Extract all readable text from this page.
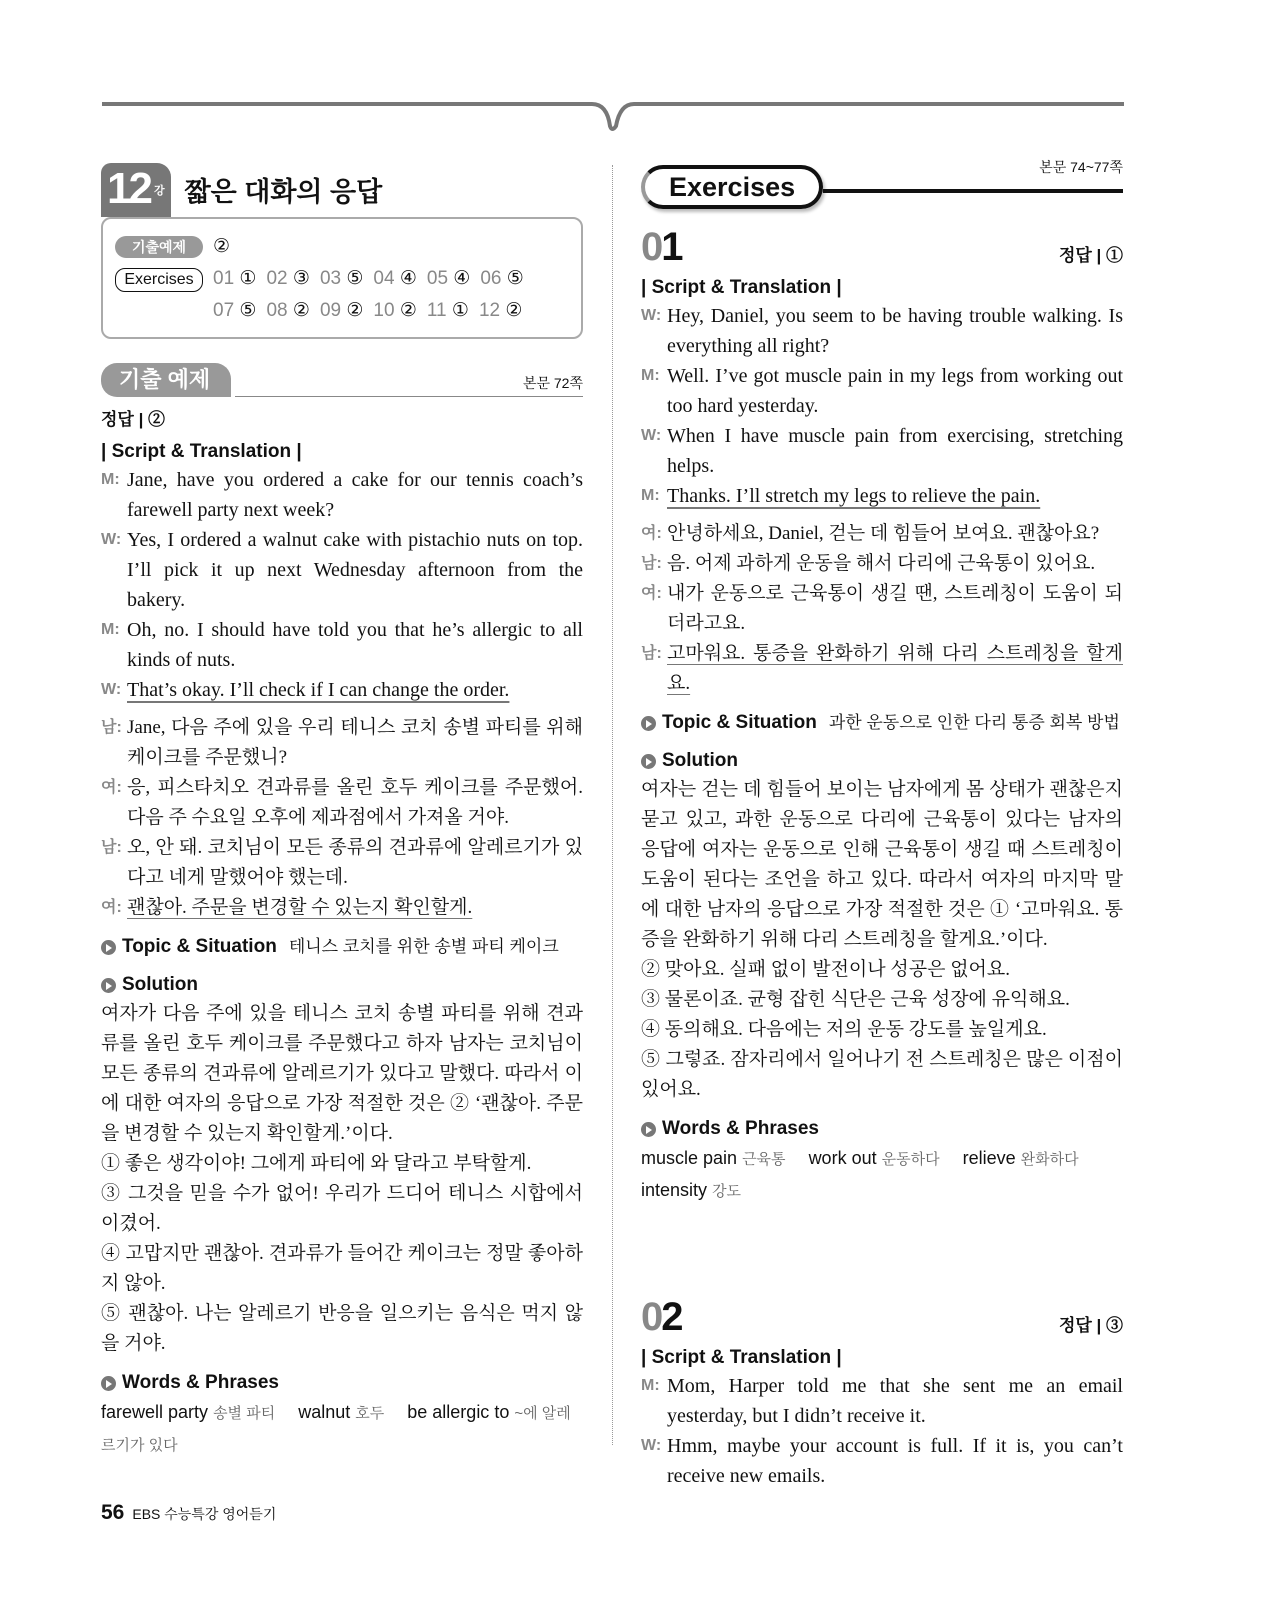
12 강 짧은 대화의 응답
기출예제	②
Exercises	01 ① 02 ③ 03 ⑤ 04 ④ 05 ④ 06 ⑤
07 ⑤ 08 ② 09 ② 10 ② 11 ① 12 ②
기출 예제	본문 72쪽
정답 | ②
| Script & Translation |
M: Jane, have you ordered a cake for our tennis coach’s farewell party next week?
W: Yes, I ordered a walnut cake with pistachio nuts on top. I’ll pick it up next Wednesday afternoon from the bakery.
M: Oh, no. I should have told you that he’s allergic to all kinds of nuts.
W: That’s okay. I’ll check if I can change the order.
남: Jane, 다음 주에 있을 우리 테니스 코치 송별 파티를 위해 케이크를 주문했니?
여: 응, 피스타치오 견과류를 올린 호두 케이크를 주문했어. 다음 주 수요일 오후에 제과점에서 가져올 거야.
남: 오, 안 돼. 코치님이 모든 종류의 견과류에 알레르기가 있다고 네게 말했어야 했는데.
여: 괜찮아. 주문을 변경할 수 있는지 확인할게.
Topic & Situation 테니스 코치를 위한 송별 파티 케이크
Solution
여자가 다음 주에 있을 테니스 코치 송별 파티를 위해 견과류를 올린 호두 케이크를 주문했다고 하자 남자는 코치님이 모든 종류의 견과류에 알레르기가 있다고 말했다. 따라서 이에 대한 여자의 응답으로 가장 적절한 것은 ② ‘괜찮아. 주문을 변경할 수 있는지 확인할게.’이다.
① 좋은 생각이야! 그에게 파티에 와 달라고 부탁할게.
③ 그것을 믿을 수가 없어! 우리가 드디어 테니스 시합에서 이겼어.
④ 고맙지만 괜찮아. 견과류가 들어간 케이크는 정말 좋아하지 않아.
⑤ 괜찮아. 나는 알레르기 반응을 일으키는 음식은 먹지 않을 거야.
Words & Phrases
farewell party 송별 파티 walnut 호두 be allergic to ~에 알레르기가 있다
56 EBS 수능특강 영어듣기
Exercises
본문 74~77쪽
01	정답 | ①
| Script & Translation |
W: Hey, Daniel, you seem to be having trouble walking. Is everything all right?
M: Well. I’ve got muscle pain in my legs from working out too hard yesterday.
W: When I have muscle pain from exercising, stretching helps.
M: Thanks. I’ll stretch my legs to relieve the pain.
여: 안녕하세요, Daniel, 걷는 데 힘들어 보여요. 괜찮아요?
남: 음. 어제 과하게 운동을 해서 다리에 근육통이 있어요.
여: 내가 운동으로 근육통이 생길 땐, 스트레칭이 도움이 되더라고요.
남: 고마워요. 통증을 완화하기 위해 다리 스트레칭을 할게요.
Topic & Situation 과한 운동으로 인한 다리 통증 회복 방법
Solution
여자는 걷는 데 힘들어 보이는 남자에게 몸 상태가 괜찮은지 묻고 있고, 과한 운동으로 다리에 근육통이 있다는 남자의 응답에 여자는 운동으로 인해 근육통이 생길 때 스트레칭이 도움이 된다는 조언을 하고 있다. 따라서 여자의 마지막 말에 대한 남자의 응답으로 가장 적절한 것은 ① ‘고마워요. 통증을 완화하기 위해 다리 스트레칭을 할게요.’이다.
② 맞아요. 실패 없이 발전이나 성공은 없어요.
③ 물론이죠. 균형 잡힌 식단은 근육 성장에 유익해요.
④ 동의해요. 다음에는 저의 운동 강도를 높일게요.
⑤ 그렇죠. 잠자리에서 일어나기 전 스트레칭은 많은 이점이 있어요.
Words & Phrases
muscle pain 근육통 work out 운동하다 relieve 완화하다 intensity 강도
02	정답 | ③
| Script & Translation |
M: Mom, Harper told me that she sent me an email yesterday, but I didn’t receive it.
W: Hmm, maybe your account is full. If it is, you can’t receive new emails.
